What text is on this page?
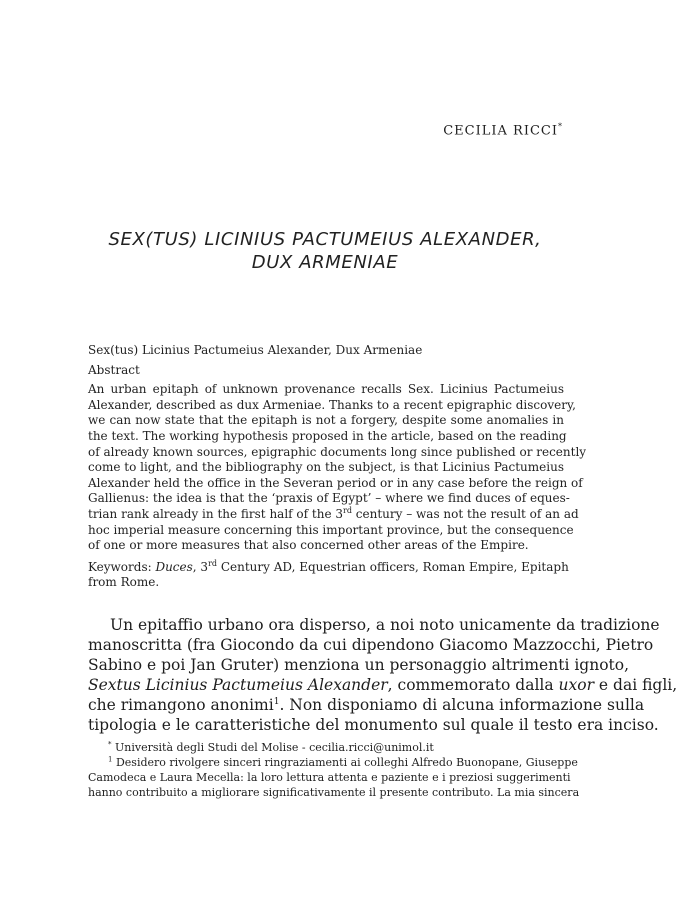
CECILIA RICCI*
SEX(TUS) LICINIUS PACTUMEIUS ALEXANDER,
DUX ARMENIAE

Sex(tus) Licinius Pactumeius Alexander, Dux Armeniae

Abstract

An urban epitaph of unknown provenance recalls Sex. Licinius Pactumeius
Alexander, described as dux Armeniae. Thanks to a recent epigraphic discovery,
we can now state that the epitaph is not a forgery, despite some anomalies in
the text. The working hypothesis proposed in the article, based on the reading
of already known sources, epigraphic documents long since published or recently
come to light, and the bibliography on the subject, is that Licinius Pactumeius
Alexander held the office in the Severan period or in any case before the reign of
Gallienus: the idea is that the ‘praxis of Egypt’ – where we find duces of eques-
trian rank already in the first half of the 3rd century – was not the result of an ad
hoc imperial measure concerning this important province, but the consequence
of one or more measures that also concerned other areas of the Empire.

Keywords: Duces, 3rd Century AD, Equestrian officers, Roman Empire, Epitaph
from Rome.

Un epitaffio urbano ora disperso, a noi noto unicamente da tradizione
manoscritta (fra Giocondo da cui dipendono Giacomo Mazzocchi, Pietro
Sabino e poi Jan Gruter) menziona un personaggio altrimenti ignoto,
Sextus Licinius Pactumeius Alexander, commemorato dalla uxor e dai figli,
che rimangono anonimi$^1$. Non disponiamo di alcuna informazione sulla
tipologia e le caratteristiche del monumento sul quale il testo era inciso.
* Università degli Studi del Molise - cecilia.ricci@unimol.it
$^1$ Desidero rivolgere sinceri ringraziamenti ai colleghi Alfredo Buonopane, Giuseppe
Camodeca e Laura Mecella: la loro lettura attenta e paziente e i preziosi suggerimenti
hanno contribuito a migliorare significativamente il presente contributo. La mia sincera
